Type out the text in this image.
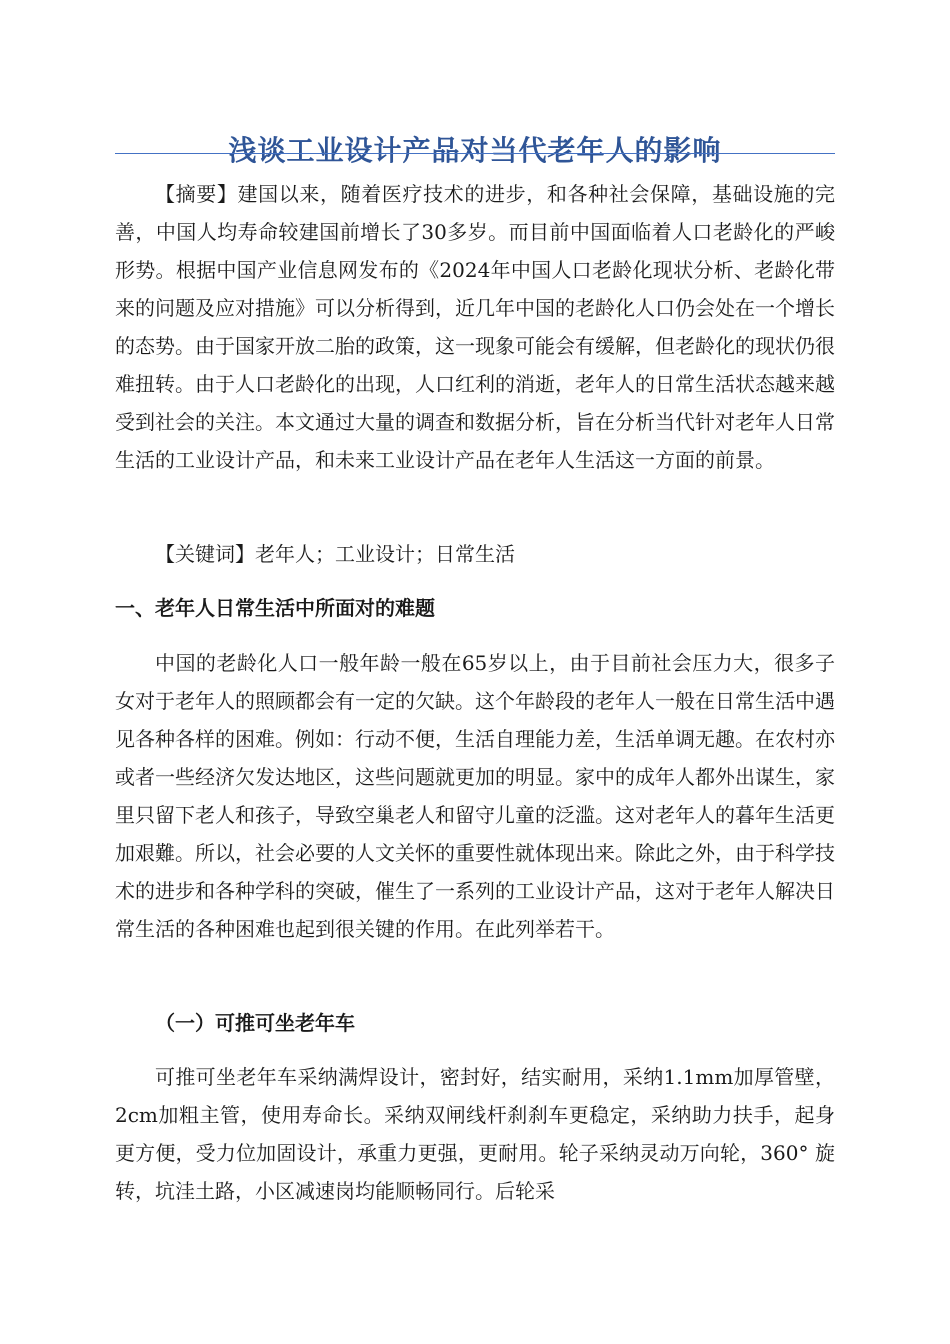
浅谈工业设计产品对当代老年人的影响

【摘要】建国以来，随着医疗技术的进步，和各种社会保障，基础设施的完善，中国人均寿命较建国前增长了30多岁。而目前中国面临着人口老龄化的严峻形势。根据中国产业信息网发布的《2024年中国人口老龄化现状分析、老龄化带来的问题及应对措施》可以分析得到，近几年中国的老龄化人口仍会处在一个增长的态势。由于国家开放二胎的政策，这一现象可能会有缓解，但老龄化的现状仍很难扭转。由于人口老龄化的出现，人口红利的消逝，老年人的日常生活状态越来越受到社会的关注。本文通过大量的调查和数据分析，旨在分析当代针对老年人日常生活的工业设计产品，和未来工业设计产品在老年人生活这一方面的前景。

【关键词】老年人；工业设计；日常生活

一、老年人日常生活中所面对的难题

中国的老龄化人口一般年龄一般在65岁以上，由于目前社会压力大，很多子女对于老年人的照顾都会有一定的欠缺。这个年龄段的老年人一般在日常生活中遇见各种各样的困难。例如：行动不便，生活自理能力差，生活单调无趣。在农村亦或者一些经济欠发达地区，这些问题就更加的明显。家中的成年人都外出谋生，家里只留下老人和孩子，导致空巢老人和留守儿童的泛滥。这对老年人的暮年生活更加艰難。所以，社会必要的人文关怀的重要性就体现出来。除此之外，由于科学技术的进步和各种学科的突破，催生了一系列的工业设计产品，这对于老年人解决日常生活的各种困难也起到很关键的作用。在此列举若干。

（一）可推可坐老年车

可推可坐老年车采纳满焊设计，密封好，结实耐用，采纳1.1mm加厚管壁，2cm加粗主管，使用寿命长。采纳双闸线杆刹刹车更稳定，采纳助力扶手，起身更方便，受力位加固设计，承重力更强，更耐用。轮子采纳灵动万向轮，360° 旋转，坑洼土路，小区减速岗均能顺畅同行。后轮采
